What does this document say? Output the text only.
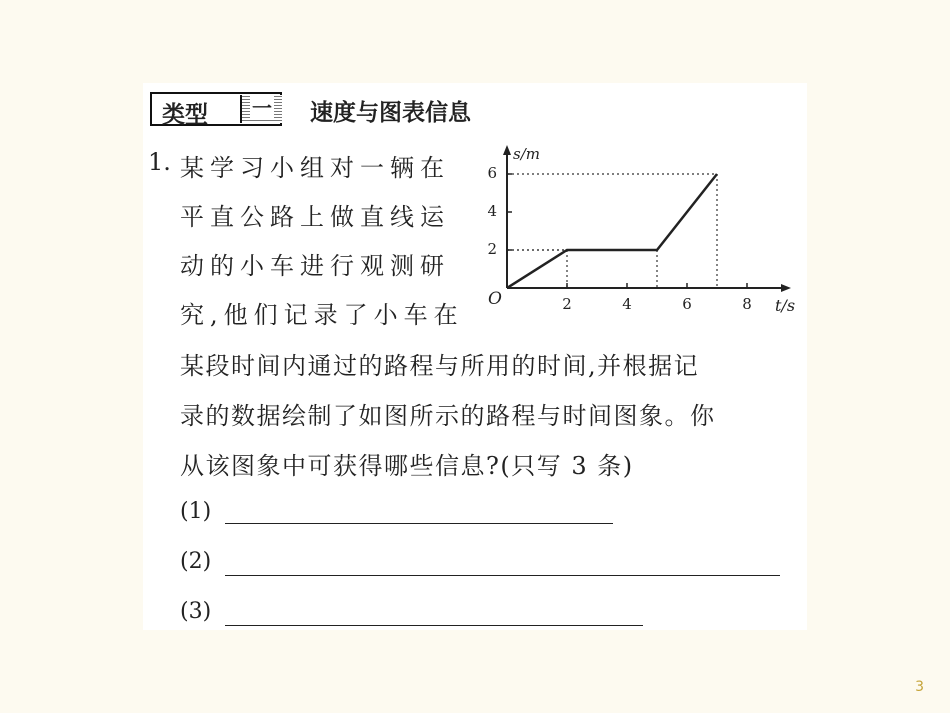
类型	一	速度与图表信息
1. 某学习小组对一辆在
平直公路上做直线运
动的小车进行观测研
究,他们记录了小车在
某段时间内通过的路程与所用的时间,并根据记
录的数据绘制了如图所示的路程与时间图象。你
从该图象中可获得哪些信息?(只写 3 条)
(1)
(2)
(3)
s/m
t/s
O	2	4	6	8
2
4
6
3
